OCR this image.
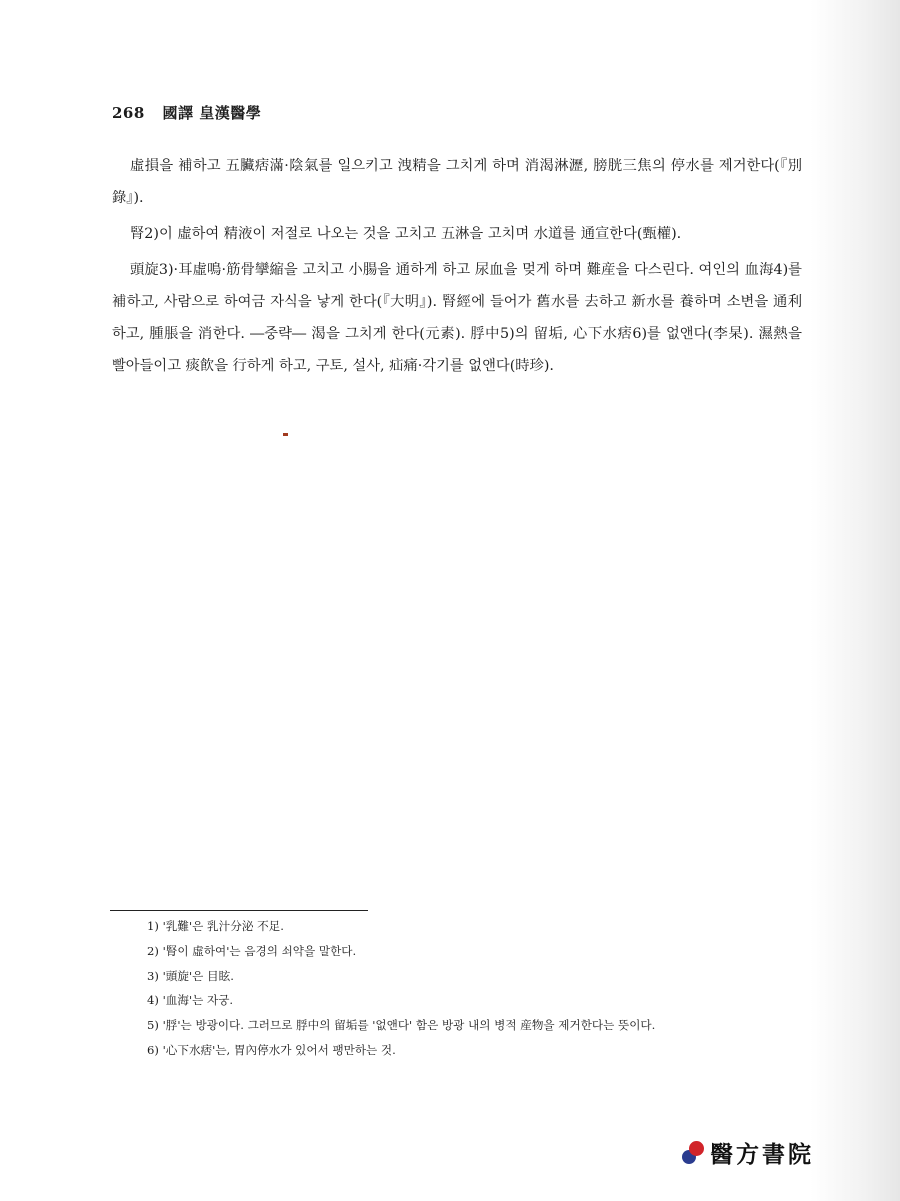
268 國譯 皇漢醫學

虛損을 補하고 五臟痞滿·陰氣를 일으키고 洩精을 그치게 하며 消渴淋瀝, 膀胱三焦의 停水를 제거한다(『別錄』).

腎2)이 虛하여 精液이 저절로 나오는 것을 고치고 五淋을 고치며 水道를 通宣한다(甄權).

頭旋3)·耳虛鳴·筋骨攣縮을 고치고 小腸을 通하게 하고 尿血을 멎게 하며 難産을 다스린다. 여인의 血海4)를 補하고, 사람으로 하여금 자식을 낳게 한다(『大明』). 腎經에 들어가 舊水를 去하고 新水를 養하며 소변을 通利하고, 腫脹을 消한다. ―중략― 渴을 그치게 한다(元素). 脬中5)의 留垢, 心下水痞6)를 없앤다(李杲). 濕熱을 빨아들이고 痰飮을 行하게 하고, 구토, 설사, 疝痛·각기를 없앤다(時珍).

1) '乳難'은 乳汁分泌 不足.

2) '腎이 虛하여'는 음경의 쇠약을 말한다.

3) '頭旋'은 目眩.

4) '血海'는 자궁.

5) '脬'는 방광이다. 그러므로 脬中의 留垢를 '없앤다' 함은 방광 내의 병적 産物을 제거한다는 뜻이다.

6) '心下水痞'는, 胃內停水가 있어서 팽만하는 것.

醫方書院
